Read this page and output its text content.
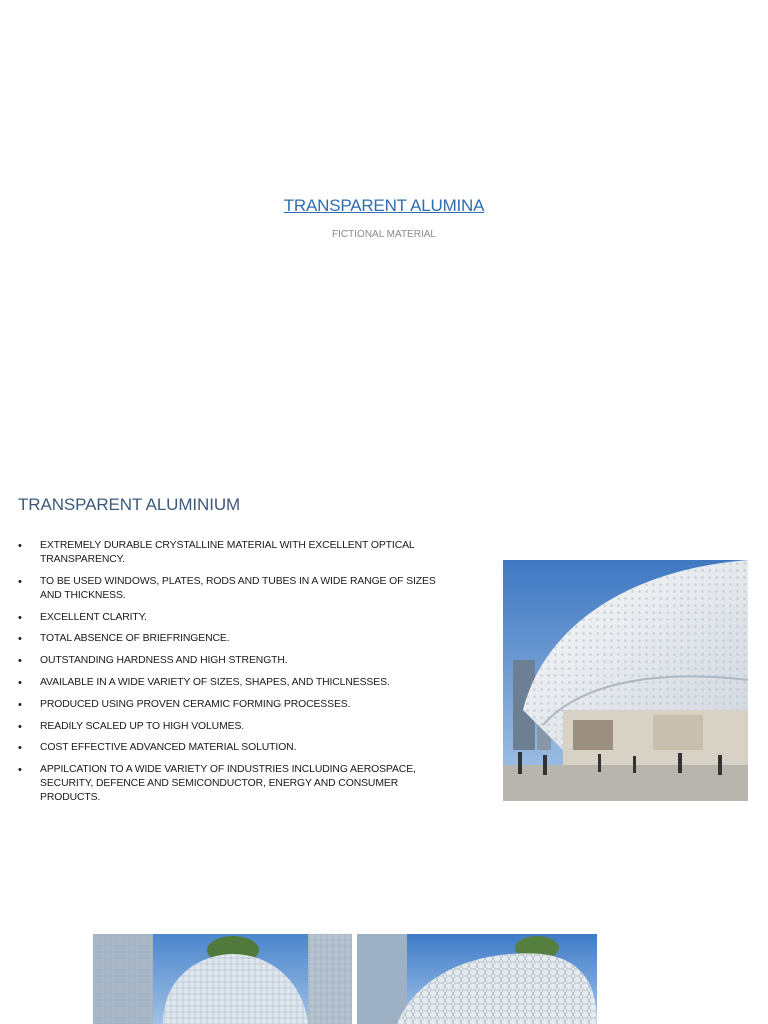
TRANSPARENT ALUMINA
FICTIONAL MATERIAL
TRANSPARENT ALUMINIUM
• EXTREMELY DURABLE CRYSTALLINE MATERIAL WITH EXCELLENT OPTICAL TRANSPARENCY.
• TO BE USED WINDOWS, PLATES, RODS AND TUBES IN A WIDE RANGE OF SIZES AND THICKNESS.
• EXCELLENT CLARITY.
• TOTAL ABSENCE OF BRIEFRINGENCE.
• OUTSTANDING HARDNESS AND HIGH STRENGTH.
• AVAILABLE IN A WIDE VARIETY OF SIZES, SHAPES, AND THICLNESSES.
• PRODUCED USING PROVEN CERAMIC FORMING PROCESSES.
• READILY SCALED UP TO HIGH VOLUMES.
• COST EFFECTIVE ADVANCED MATERIAL SOLUTION.
• APPILCATION TO A WIDE VARIETY OF INDUSTRIES INCLUDING AEROSPACE, SECURITY, DEFENCE AND SEMICONDUCTOR, ENERGY AND CONSUMER PRODUCTS.
